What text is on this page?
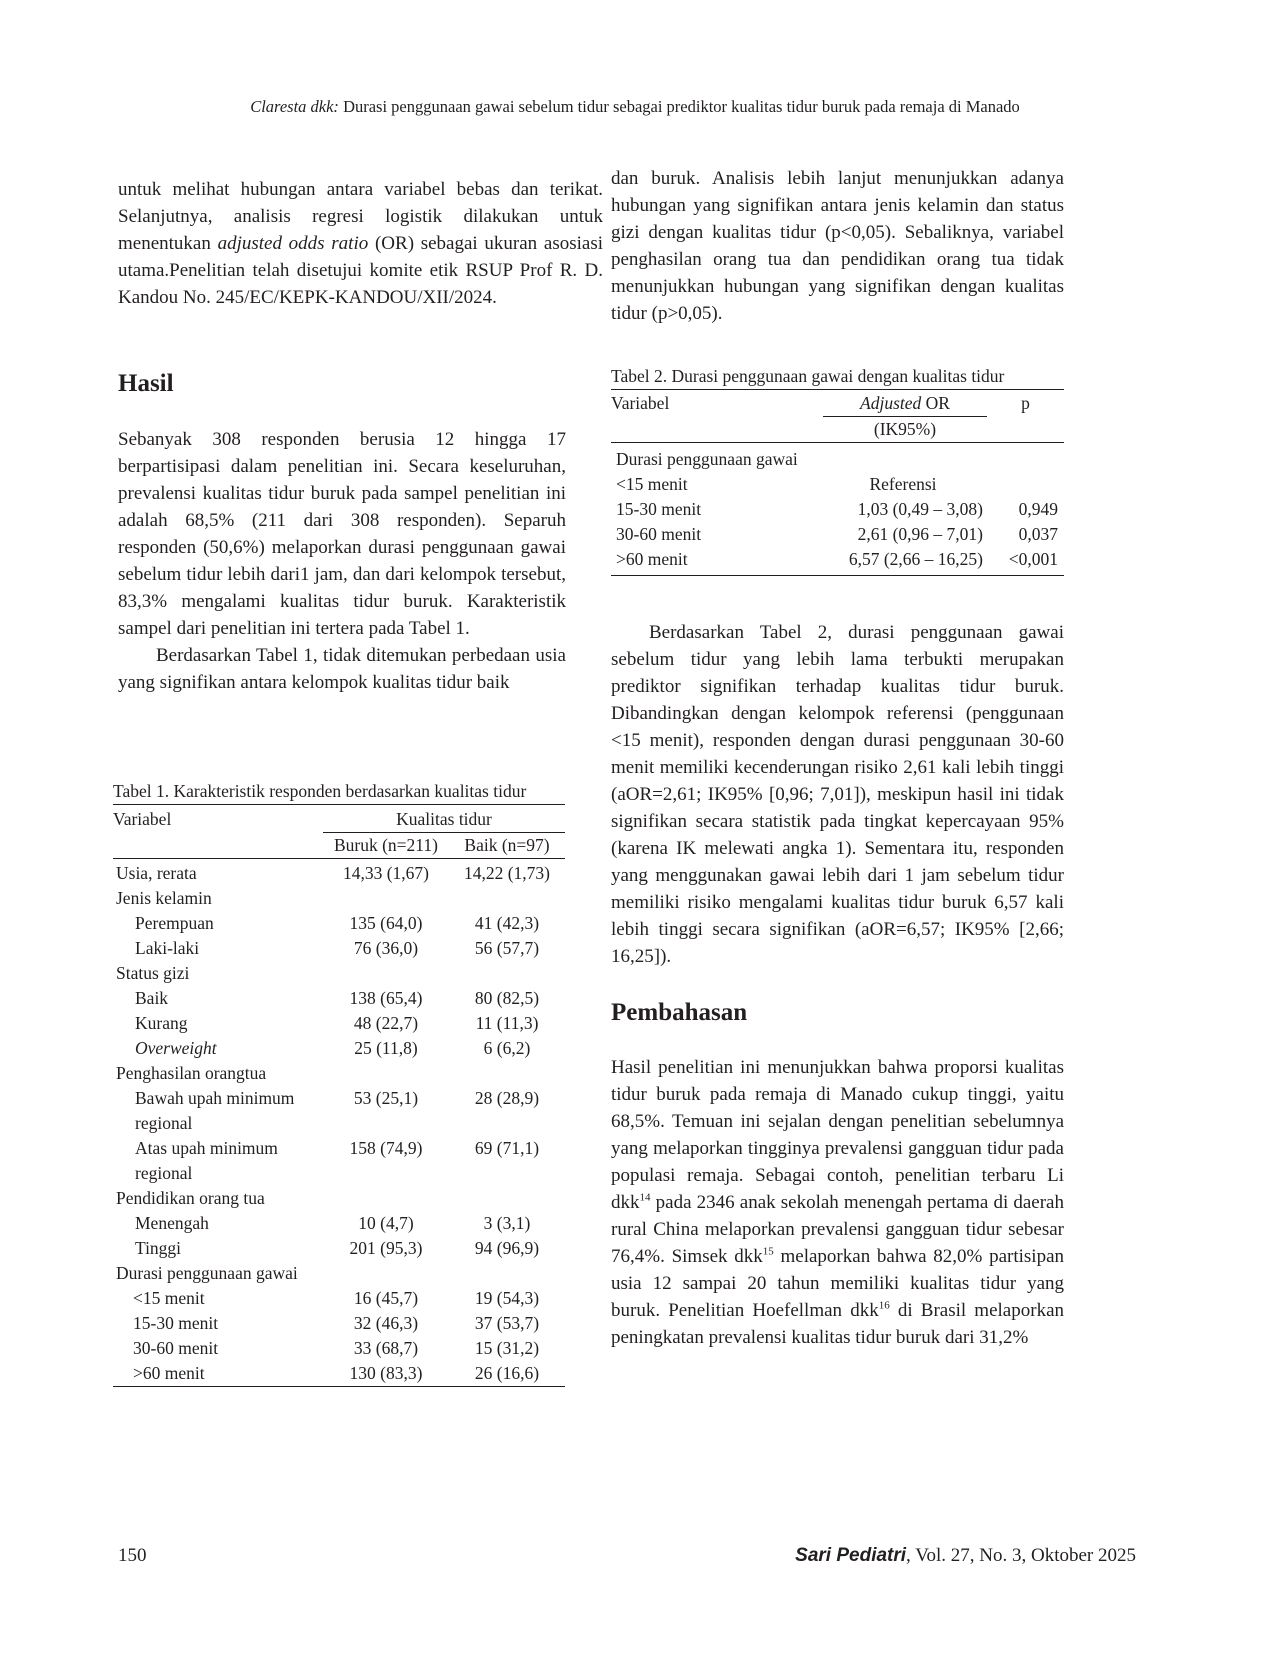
Claresta dkk: Durasi penggunaan gawai sebelum tidur sebagai prediktor kualitas tidur buruk pada remaja di Manado

untuk melihat hubungan antara variabel bebas dan terikat. Selanjutnya, analisis regresi logistik dilakukan untuk menentukan adjusted odds ratio (OR) sebagai ukuran asosiasi utama.Penelitian telah disetujui komite etik RSUP Prof R. D. Kandou No. 245/EC/KEPK-KANDOU/XII/2024.

Hasil

Sebanyak 308 responden berusia 12 hingga 17 berpartisipasi dalam penelitian ini. Secara keseluruhan, prevalensi kualitas tidur buruk pada sampel penelitian ini adalah 68,5% (211 dari 308 responden). Separuh responden (50,6%) melaporkan durasi penggunaan gawai sebelum tidur lebih dari1 jam, dan dari kelompok tersebut, 83,3% mengalami kualitas tidur buruk. Karakteristik sampel dari penelitian ini tertera pada Tabel 1.

Berdasarkan Tabel 1, tidak ditemukan perbedaan usia yang signifikan antara kelompok kualitas tidur baik

dan buruk. Analisis lebih lanjut menunjukkan adanya hubungan yang signifikan antara jenis kelamin dan status gizi dengan kualitas tidur (p<0,05). Sebaliknya, variabel penghasilan orang tua dan pendidikan orang tua tidak menunjukkan hubungan yang signifikan dengan kualitas tidur (p>0,05).

Tabel 1. Karakteristik responden berdasarkan kualitas tidur
Variabel	Kualitas tidur	
	Buruk (n=211)	Baik (n=97)
Usia, rerata	14,33 (1,67)	14,22 (1,73)
Jenis kelamin		
Perempuan	135 (64,0)	41 (42,3)
Laki-laki	76 (36,0)	56 (57,7)
Status gizi		
Baik	138 (65,4)	80 (82,5)
Kurang	48 (22,7)	11 (11,3)
Overweight	25 (11,8)	6 (6,2)
Penghasilan orangtua		
Bawah upah minimum regional	53 (25,1)	28 (28,9)
Atas upah minimum regional	158 (74,9)	69 (71,1)
Pendidikan orang tua		
Menengah	10 (4,7)	3 (3,1)
Tinggi	201 (95,3)	94 (96,9)
Durasi penggunaan gawai		
<15 menit	16 (45,7)	19 (54,3)
15-30 menit	32 (46,3)	37 (53,7)
30-60 menit	33 (68,7)	15 (31,2)
>60 menit	130 (83,3)	26 (16,6)
Tabel 2. Durasi penggunaan gawai dengan kualitas tidur
Variabel	Adjusted OR	p
	(IK95%)	
Durasi penggunaan gawai		
<15 menit	Referensi	
15-30 menit	1,03 (0,49 – 3,08)	0,949
30-60 menit	2,61 (0,96 – 7,01)	0,037
>60 menit	6,57 (2,66 – 16,25)	<0,001

Berdasarkan Tabel 2, durasi penggunaan gawai sebelum tidur yang lebih lama terbukti merupakan prediktor signifikan terhadap kualitas tidur buruk. Dibandingkan dengan kelompok referensi (penggunaan <15 menit), responden dengan durasi penggunaan 30-60 menit memiliki kecenderungan risiko 2,61 kali lebih tinggi (aOR=2,61; IK95% [0,96; 7,01]), meskipun hasil ini tidak signifikan secara statistik pada tingkat kepercayaan 95% (karena IK melewati angka 1). Sementara itu, responden yang menggunakan gawai lebih dari 1 jam sebelum tidur memiliki risiko mengalami kualitas tidur buruk 6,57 kali lebih tinggi secara signifikan (aOR=6,57; IK95% [2,66; 16,25]).

Pembahasan

Hasil penelitian ini menunjukkan bahwa proporsi kualitas tidur buruk pada remaja di Manado cukup tinggi, yaitu 68,5%. Temuan ini sejalan dengan penelitian sebelumnya yang melaporkan tingginya prevalensi gangguan tidur pada populasi remaja. Sebagai contoh, penelitian terbaru Li dkk$^{14}$ pada 2346 anak sekolah menengah pertama di daerah rural China melaporkan prevalensi gangguan tidur sebesar 76,4%. Simsek dkk$^{15}$ melaporkan bahwa 82,0% partisipan usia 12 sampai 20 tahun memiliki kualitas tidur yang buruk. Penelitian Hoefellman dkk$^{16}$ di Brasil melaporkan peningkatan prevalensi kualitas tidur buruk dari 31,2%

150	Sari Pediatri, Vol. 27, No. 3, Oktober 2025
